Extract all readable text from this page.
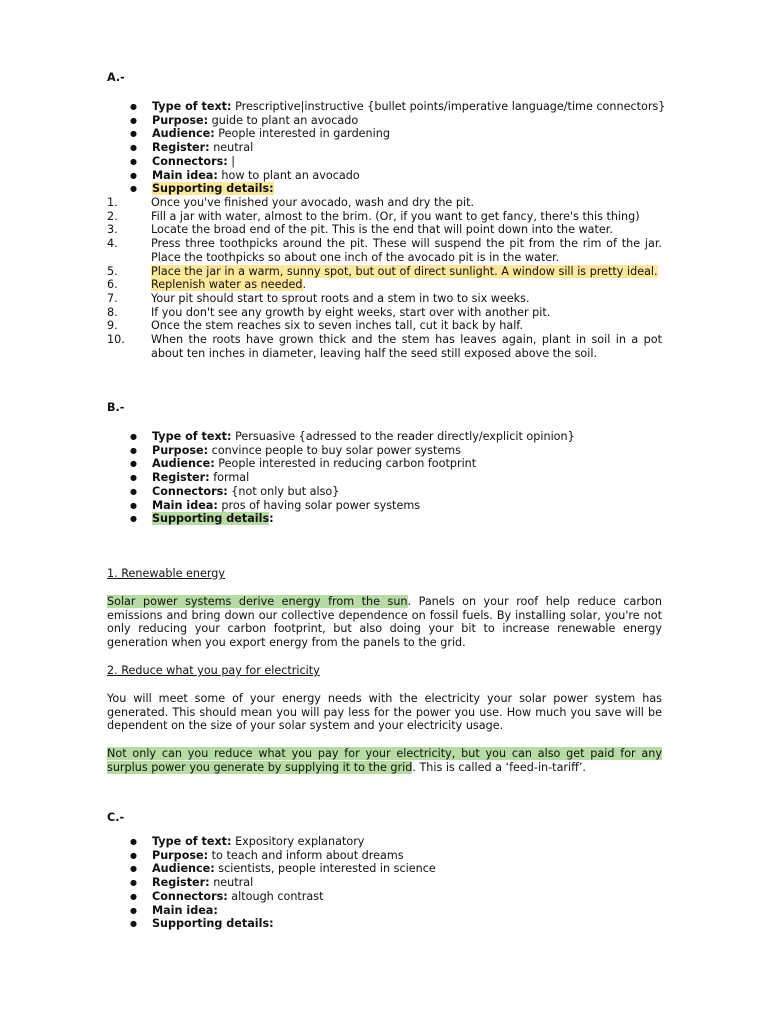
A.-
● Type of text: Prescriptive|instructive {bullet points/imperative language/time connectors}
● Purpose: guide to plant an avocado
● Audience: People interested in gardening
● Register: neutral
● Connectors: |
● Main idea: how to plant an avocado
● Supporting details:
1.	Once you've finished your avocado, wash and dry the pit.
2.	Fill a jar with water, almost to the brim. (Or, if you want to get fancy, there's this thing)
3.	Locate the broad end of the pit. This is the end that will point down into the water.
4.	Press three toothpicks around the pit. These will suspend the pit from the rim of the jar. Place the toothpicks so about one inch of the avocado pit is in the water.
5.	Place the jar in a warm, sunny spot, but out of direct sunlight. A window sill is pretty ideal.
6.	Replenish water as needed.
7.	Your pit should start to sprout roots and a stem in two to six weeks.
8.	If you don't see any growth by eight weeks, start over with another pit.
9.	Once the stem reaches six to seven inches tall, cut it back by half.
10.	When the roots have grown thick and the stem has leaves again, plant in soil in a pot about ten inches in diameter, leaving half the seed still exposed above the soil.
B.-
● Type of text: Persuasive {adressed to the reader directly/explicit opinion}
● Purpose: convince people to buy solar power systems
● Audience: People interested in reducing carbon footprint
● Register: formal
● Connectors: {not only but also}
● Main idea: pros of having solar power systems
● Supporting details:
1. Renewable energy

Solar power systems derive energy from the sun. Panels on your roof help reduce carbon emissions and bring down our collective dependence on fossil fuels. By installing solar, you're not only reducing your carbon footprint, but also doing your bit to increase renewable energy generation when you export energy from the panels to the grid.

2. Reduce what you pay for electricity

You will meet some of your energy needs with the electricity your solar power system has generated. This should mean you will pay less for the power you use. How much you save will be dependent on the size of your solar system and your electricity usage.

Not only can you reduce what you pay for your electricity, but you can also get paid for any surplus power you generate by supplying it to the grid. This is called a ‘feed-in-tariff’.

C.-
● Type of text: Expository explanatory
● Purpose: to teach and inform about dreams
● Audience: scientists, people interested in science
● Register: neutral
● Connectors: altough contrast
● Main idea:
● Supporting details:
